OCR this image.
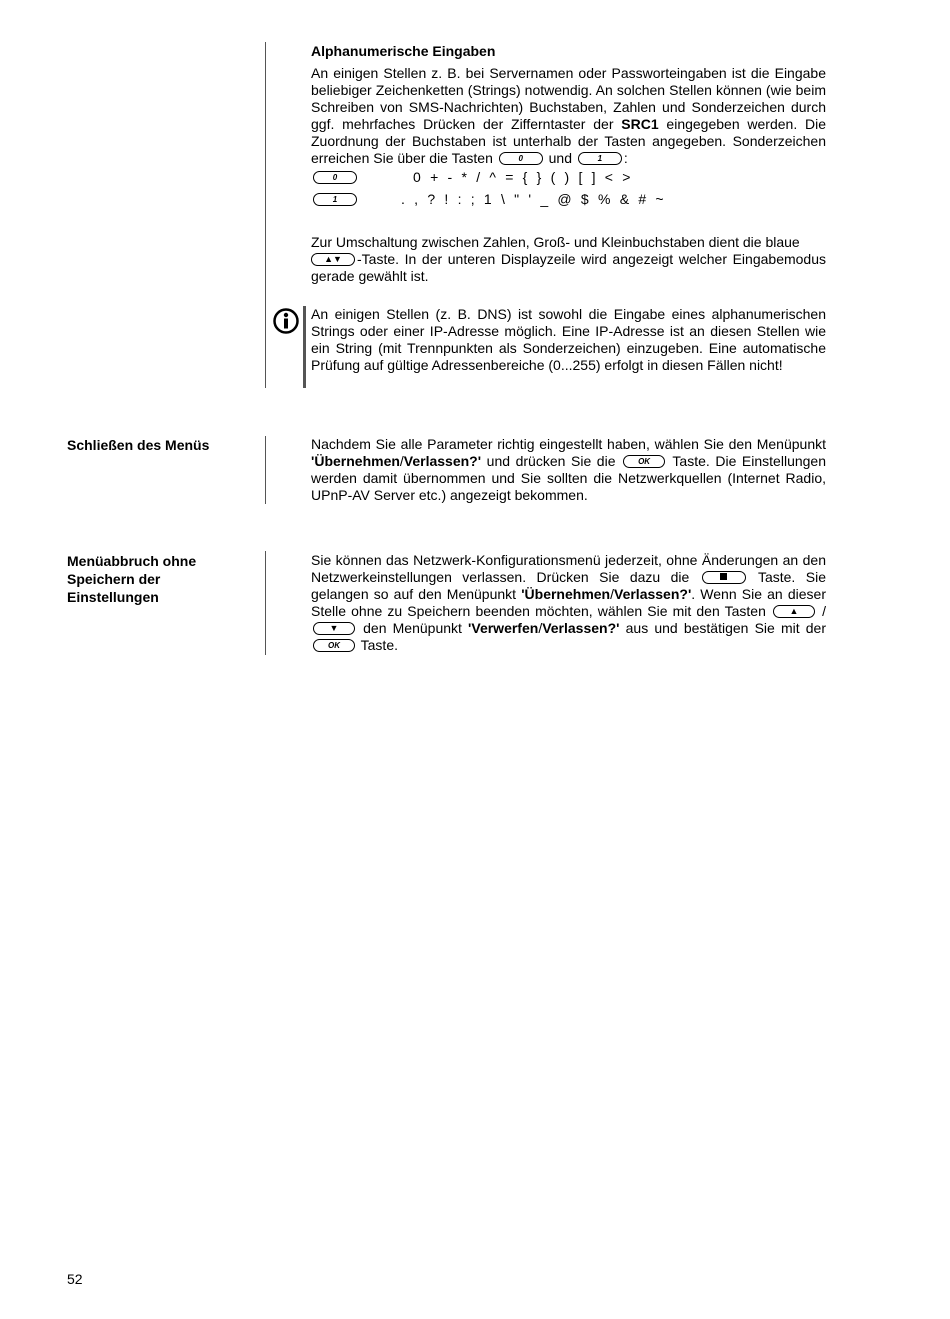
Alphanumerische Eingaben

An einigen Stellen z. B. bei Servernamen oder Passworteingaben ist die Eingabe beliebiger Zeichenketten (Strings) notwendig. An solchen Stellen können (wie beim Schreiben von SMS-Nachrichten) Buchstaben, Zahlen und Sonderzeichen durch ggf. mehrfaches Drücken der Zifferntaster der SRC1 eingegeben werden. Die Zuordnung der Buchstaben ist unterhalb der Tasten angegeben. Sonderzeichen erreichen Sie über die Tasten	0 und	1 :

0	0  +  -  *  /  ^  =  {  }  (  )  [  ]  <  >
1	.  ,  ?  !  :  ;  1  \  "  '  _  @  $  %  &  #  ~

Zur Umschaltung zwischen Zahlen, Groß- und Kleinbuchstaben dient die blaue
▲▼ -Taste. In der unteren Displayzeile wird angezeigt welcher Eingabemodus gerade gewählt ist.

An einigen Stellen (z. B. DNS) ist sowohl die Eingabe eines alphanumerischen Strings oder einer IP-Adresse möglich. Eine IP-Adresse ist an diesen Stellen wie ein String (mit Trennpunkten als Sonderzeichen) einzugeben. Eine automatische Prüfung auf gültige Adressenbereiche (0...255) erfolgt in diesen Fällen nicht!

Schließen des Menüs	Nachdem Sie alle Parameter richtig eingestellt haben, wählen Sie den Menüpunkt 'Übernehmen/Verlassen?' und drücken Sie die OK Taste. Die Einstellungen werden damit übernommen und Sie sollten die Netzwerkquellen (Internet Radio, UPnP-AV Server etc.) angezeigt bekommen.

Menüabbruch ohne Speichern der Einstellungen

Sie können das Netzwerk-Konfigurationsmenü jederzeit, ohne Änderungen an den Netzwerkeinstellungen verlassen. Drücken Sie dazu die	Taste. Sie gelangen so auf den Menüpunkt 'Übernehmen/Verlassen?'. Wenn Sie an dieser Stelle ohne zu Speichern beenden möchten, wählen Sie mit den Tasten ▲ / ▼ den Menüpunkt 'Verwerfen/Verlassen?' aus und bestätigen Sie mit der OK Taste.

52
